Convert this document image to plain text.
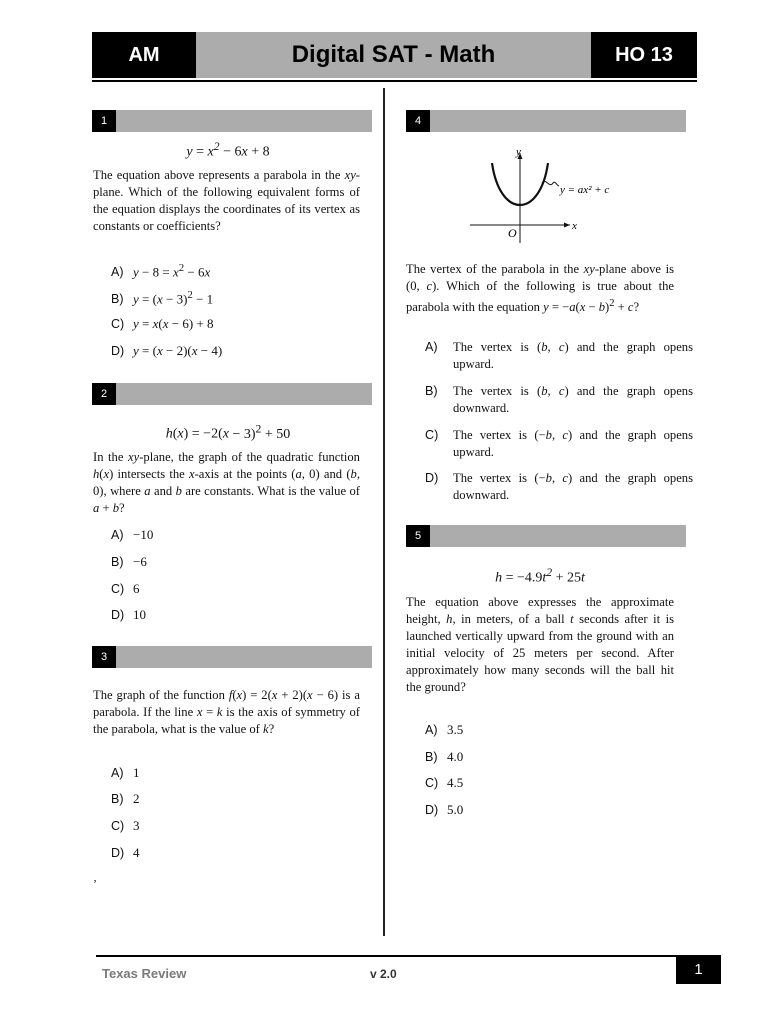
AM	Digital SAT - Math	HO 13
1
$y = x^2 - 6x + 8$
The equation above represents a parabola in the xy-plane. Which of the following equivalent forms of the equation displays the coordinates of its vertex as constants or coefficients?
A) $y - 8 = x^2 - 6x$
B) $y = (x - 3)^2 - 1$
C) y = x(x − 6) + 8
D) y = (x − 2)(x − 4)
2
$h(x) = -2(x - 3)^2 + 50$
In the xy-plane, the graph of the quadratic function h(x) intersects the x-axis at the points (a, 0) and (b, 0), where a and b are constants. What is the value of a + b?
A) −10
B) −6
C) 6
D) 10
3
The graph of the function f(x) = 2(x + 2)(x − 6) is a parabola. If the line x = k is the axis of symmetry of the parabola, what is the value of k?
A) 1
B) 2
C) 3
D) 4
‚
4
y
x
O
y = ax² + c
The vertex of the parabola in the xy-plane above is (0, c). Which of the following is true about the parabola with the equation $y = -a(x - b)^2 + c$?
A) The vertex is (b, c) and the graph opens upward.
B) The vertex is (b, c) and the graph opens downward.
C) The vertex is (−b, c) and the graph opens upward.
D) The vertex is (−b, c) and the graph opens downward.
5
$h = -4.9t^2 + 25t$
The equation above expresses the approximate height, h, in meters, of a ball t seconds after it is launched vertically upward from the ground with an initial velocity of 25 meters per second. After approximately how many seconds will the ball hit the ground?
A) 3.5
B) 4.0
C) 4.5
D) 5.0
Texas Review	v 2.0	1
